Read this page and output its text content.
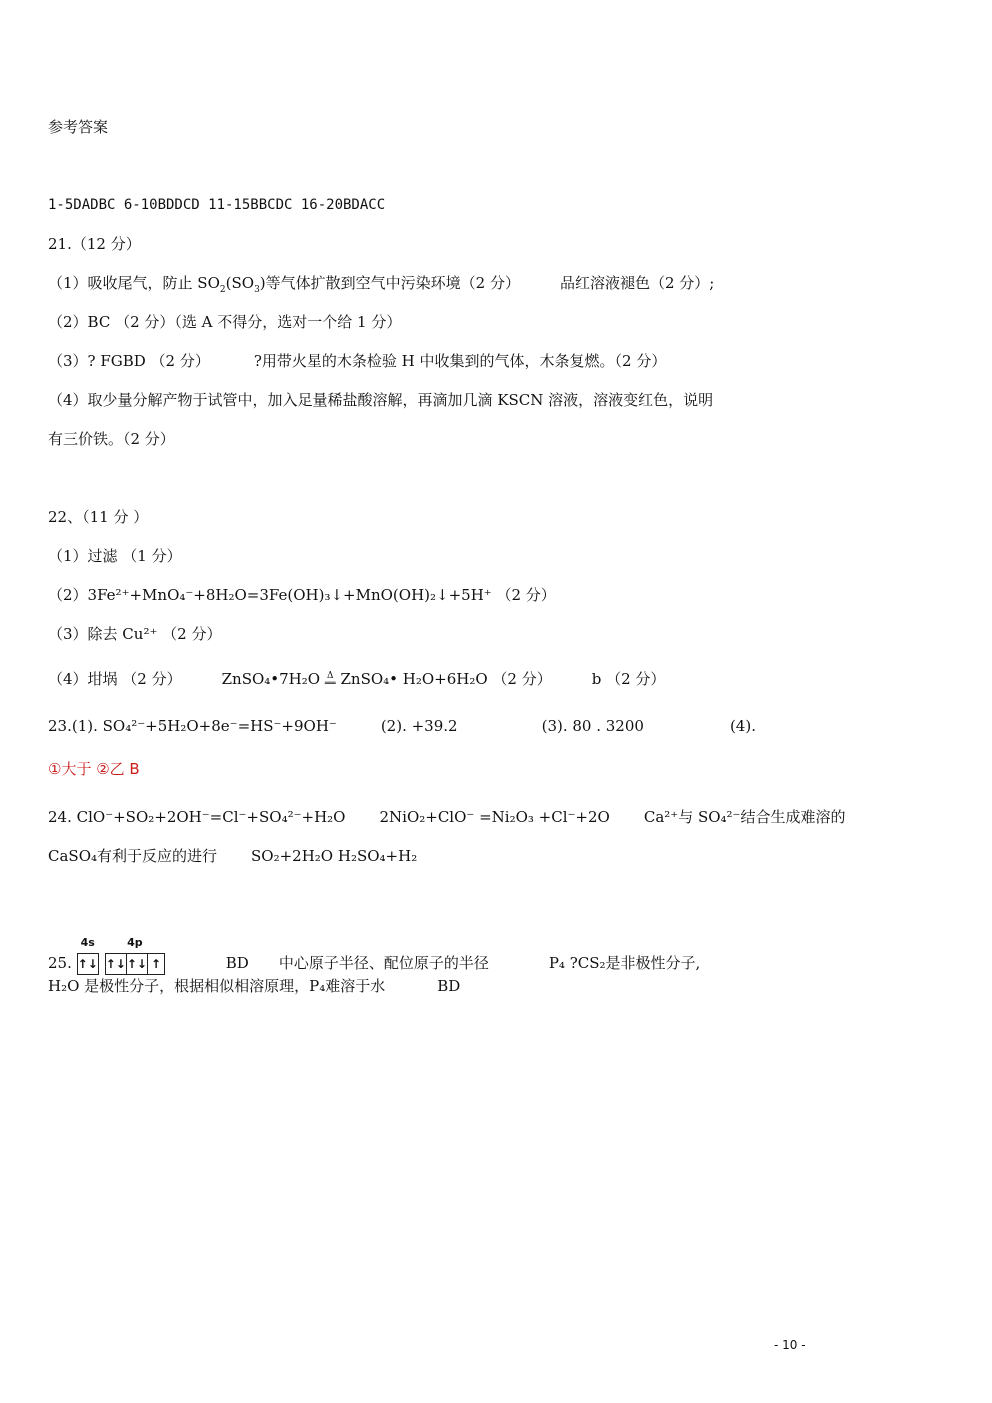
参考答案
1-5DADBC 6-10BDDCD 11-15BBCDC 16-20BDACC
21.（12 分）
（1）吸收尾气，防止 $SO_2(SO_3)$等气体扩散到空气中污染环境（2 分）	品红溶液褪色（2 分）;
（2）BC （2 分）（选 A 不得分，选对一个给 1 分）
（3）? FGBD （2 分）	?用带火星的木条检验 H 中收集到的气体，木条复燃。（2 分）
（4）取少量分解产物于试管中，加入足量稀盐酸溶解，再滴加几滴 KSCN 溶液，溶液变红色，说明
有三价铁。（2 分）
22、（11 分 ）
（1）过滤 （1 分）
（2）3Fe²⁺+MnO₄⁻+8H₂O=3Fe(OH)₃↓+MnO(OH)₂↓+5H⁺ （2 分）
（3）除去 Cu²⁺ （2 分）
（4）坩埚 （2 分）	ZnSO₄•7H₂O Δ
══ ZnSO₄• H₂O+6H₂O （2 分）	b （2 分）
23.(1). SO₄²⁻+5H₂O+8e⁻=HS⁻+9OH⁻	(2). +39.2	(3). 80 . 3200	(4).
①大于 ②乙 B
24. ClO⁻+SO₂+2OH⁻=Cl⁻+SO₄²⁻+H₂O 2NiO₂+ClO⁻ =Ni₂O₃ +Cl⁻+2O Ca²⁺与 SO₄²⁻结合生成难溶的
CaSO₄有利于反应的进行 SO₂+2H₂O H₂SO₄+H₂
25.
4s		4p		
↑↓		↑↓	↑↓	↑	BD 中心原子半径、配位原子的半径	P₄ ?CS₂是非极性分子,
H₂O 是极性分子，根据相似相溶原理，P₄难溶于水	BD
- 10 -
